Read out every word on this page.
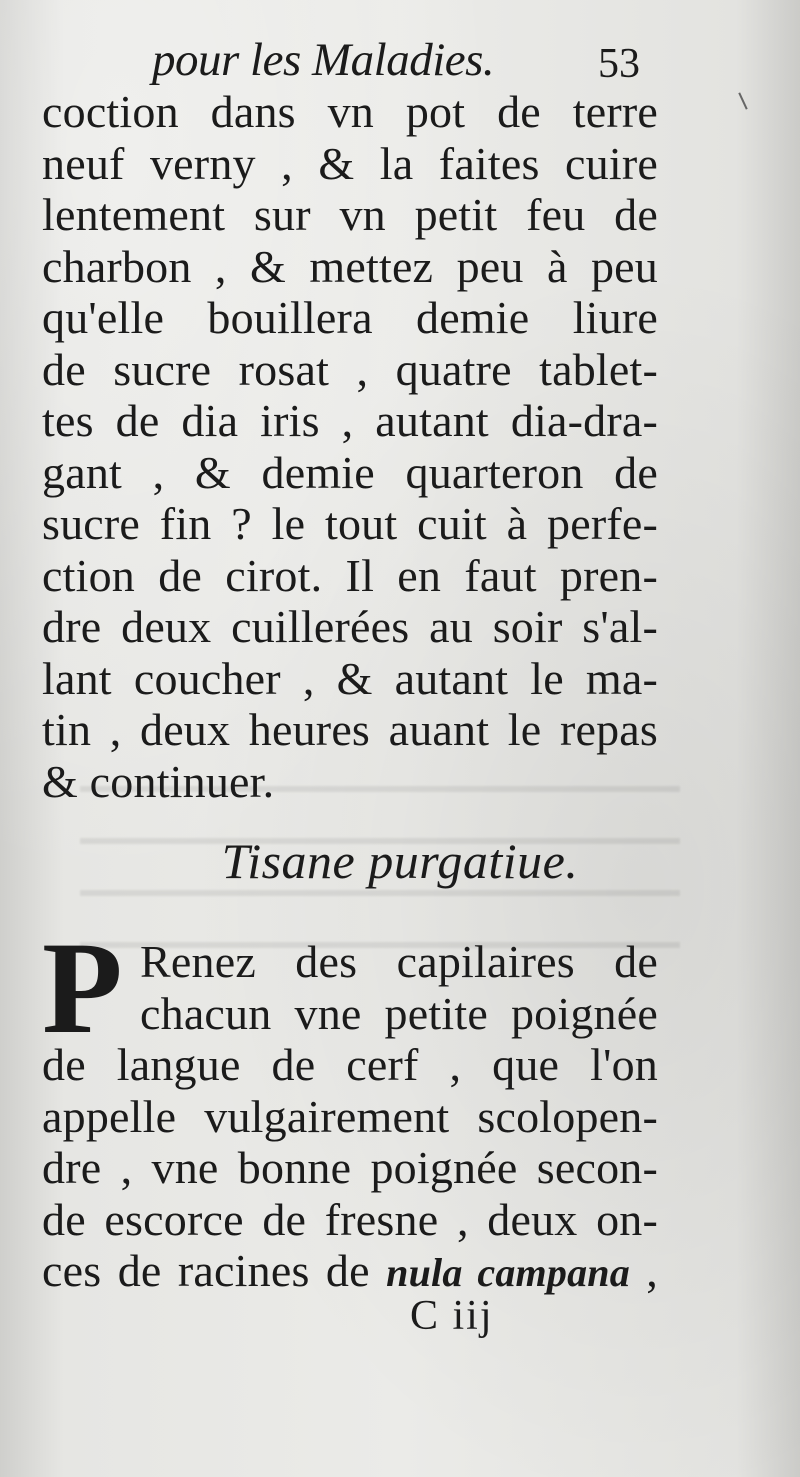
pour les Maladies. 53
coction dans vn pot de terre
neuf verny , & la faites cuire
lentement sur vn petit feu de
charbon , & mettez peu à peu
qu'elle bouillera demie liure
de sucre rosat , quatre tablet-
tes de dia iris , autant dia-dra-
gant , & demie quarteron de
sucre fin ? le tout cuit à perfe-
ction de cirot. Il en faut pren-
dre deux cuillerées au soir s'al-
lant coucher , & autant le ma-
tin , deux heures auant le repas
& continuer.
Tisane purgatiue.
P Renez des capilaires de
chacun vne petite poignée
de langue de cerf , que l'on
appelle vulgairement scolopen-
dre , vne bonne poignée secon-
de escorce de fresne , deux on-
ces de racines de nula campana ,
C iij
